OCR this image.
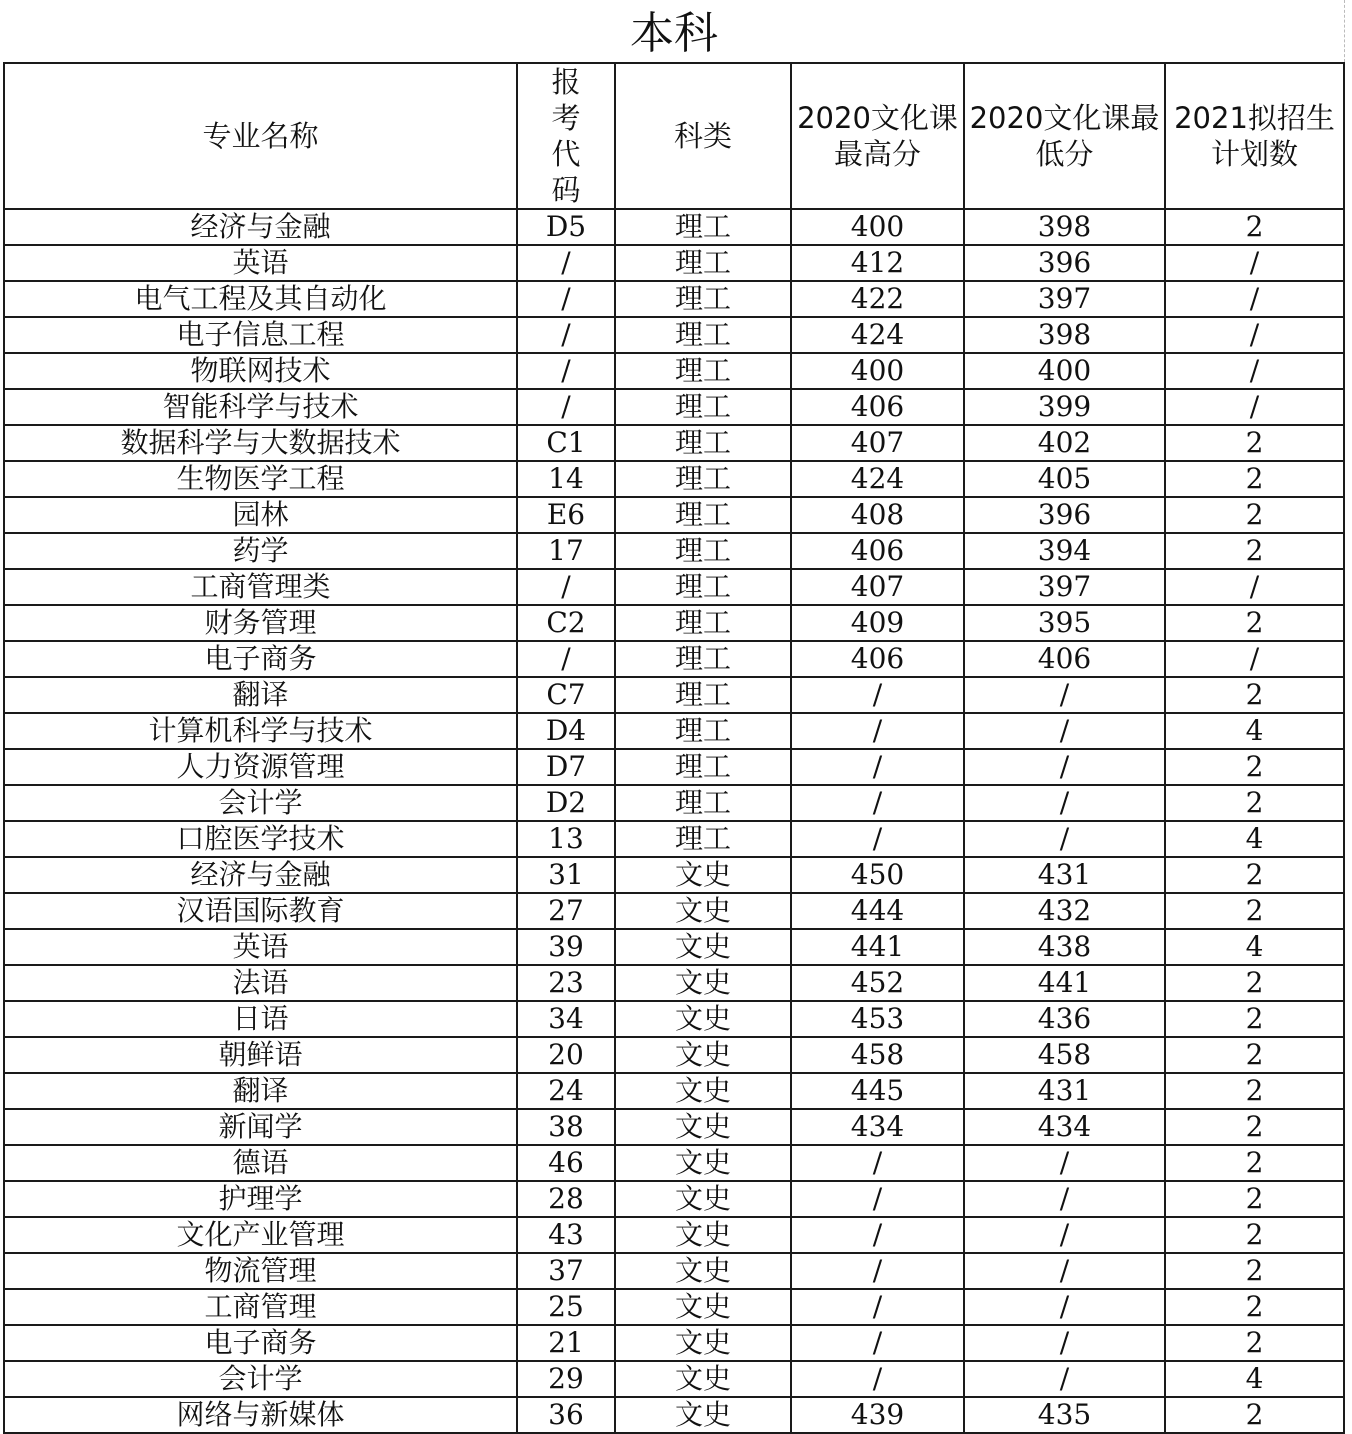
本科
专业名称	报考代码	科类	2020文化课最高分	2020文化课最低分	2021拟招生计划数
经济与金融	D5	理工	400	398	2
英语	/	理工	412	396	/
电气工程及其自动化	/	理工	422	397	/
电子信息工程	/	理工	424	398	/
物联网技术	/	理工	400	400	/
智能科学与技术	/	理工	406	399	/
数据科学与大数据技术	C1	理工	407	402	2
生物医学工程	14	理工	424	405	2
园林	E6	理工	408	396	2
药学	17	理工	406	394	2
工商管理类	/	理工	407	397	/
财务管理	C2	理工	409	395	2
电子商务	/	理工	406	406	/
翻译	C7	理工	/	/	2
计算机科学与技术	D4	理工	/	/	4
人力资源管理	D7	理工	/	/	2
会计学	D2	理工	/	/	2
口腔医学技术	13	理工	/	/	4
经济与金融	31	文史	450	431	2
汉语国际教育	27	文史	444	432	2
英语	39	文史	441	438	4
法语	23	文史	452	441	2
日语	34	文史	453	436	2
朝鲜语	20	文史	458	458	2
翻译	24	文史	445	431	2
新闻学	38	文史	434	434	2
德语	46	文史	/	/	2
护理学	28	文史	/	/	2
文化产业管理	43	文史	/	/	2
物流管理	37	文史	/	/	2
工商管理	25	文史	/	/	2
电子商务	21	文史	/	/	2
会计学	29	文史	/	/	4
网络与新媒体	36	文史	439	435	2
